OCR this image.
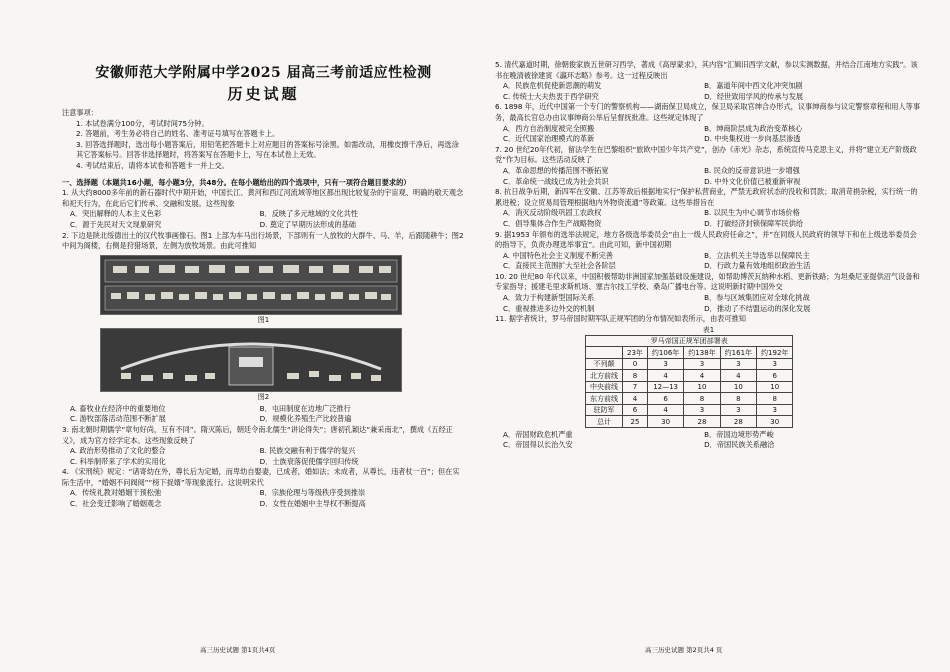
安徽师范大学附属中学2025 届高三考前适应性检测
历史试题

注意事项：

1. 本试卷满分100分，考试时间75分钟。

2. 答题前，考生务必将自己的姓名、准考证号填写在答题卡上。

3. 回答选择题时，选出每小题答案后，用铅笔把答题卡上对应题目的答案标号涂黑。如需改动，用橡皮擦干净后，再选涂其它答案标号。回答非选择题时，将答案写在答题卡上，写在本试卷上无效。

4. 考试结束后，请将本试卷和答题卡一并上交。

一、选择题（本题共16小题，每小题3分，共48分。在每小题给出的四个选项中，只有一项符合题目要求的）

1. 从大约8000多年前的新石器时代中期开始，中国长江、黄河和西辽河流域等地区都出现比较复杂的宇宙观、明确的敬天观念和祀天行为，在此后它们传承、交融和发展。这些现象

A．突出解释的人本主义色彩	B．反映了多元地域的文化共性
C．源于先民对天文现象研究	D. 奠定了早期历法形成的基础

2. 下边是陕北绥德出土的汉代牧事画像石。图1 上部为车马出行场景，下部则有一人放牧的大群牛、马、羊，后跟随耕牛；图2中间为阁楼，右侧是狩猎场景，左侧为放牧场景。由此可推知

图1
图2
A. 畜牧业在经济中的重要地位	B．屯田制度在边地广泛推行
C. 游牧部落活动范围不断扩展	D．规模化养殖生产比较普遍

3. 南北朝时期儒学“章句好尚，互有不同”。隋灭陈后，朝廷令南北儒生“讲论得失”；唐初孔颖达“兼采南北”，撰成《五经正义》，成为官方经学定本。这些现象反映了

A. 政治形势推动了文化的整合	B. 民族交融有利于儒学的复兴
C. 科举制带来了学术的实用化	D．士族衰落促使儒学回归传统

4. 《宋刑统》规定：“诸寄幼在外，尊长后为定婚，而卑幼自娶妻，已成者，婚如法；未成者，从尊长，违者杖一百”；但在实际生活中，“婚姻不问阀阅”“榜下捉婿”等现象流行。这说明宋代

A．传统礼教对婚姻干预松弛	B．宗族伦理与等级秩序受到推崇
C．社会变迁影响了婚姻观念	D．女性在婚姻中主导权不断提高
高三历史试题 第1页共4页

5. 清代嘉道时期，徐朝俊家族五世研习西学，著成《高厚蒙求》，其内容”汇辑旧西学文献，参以实测数据，并结合江南地方实践”。该书在晚清被徐建寅《瀛环志略》参考。这一过程反映出

A．民族危机促使新思潮的萌发	B．嘉道年间中西文化冲突加剧
C. 传统士大夫热衷于西学研究	D．经世致用学风的传承与发展

6. 1898 年，近代中国第一个专门的警察机构——湖南保卫局成立，保卫局采取官绅合办形式，议事绅商参与议定警察章程和用人等事务，最高长官总办由议事绅商公举后呈督抚批准。这些规定体现了

A．西方自治制度被完全照搬	B．绅商阶层成为政治变革核心
C．近代国家治理模式的革新	D. 中央集权进一步向基层渗透

7. 20 世纪20年代初，留法学生在巴黎组织“旅欧中国少年共产党”，创办《赤光》杂志，系统宣传马克思主义，并将”建立无产阶级政党”作为目标。这些活动反映了

A．革命思想的传播范围不断拓宽	B. 民众的反帝意识进一步增强
C．革命统一战线已成为社会共识	D. 中外文化价值已被重新审视

8. 抗日战争后期，新四军在安徽、江苏等敌后根据地实行”保护私营商业，严禁无政府状态的没收和罚款；取消苛捐杂税，实行统一的累进税；设立贸易局管理根据地内外物资流通”等政策。这些举措旨在

A．消灭反动阶级巩固工农政权	B. 以民生为中心调节市场价格
C．倡导集体合作生产战略物资	D．打破经济封锁保障军民供给

9. 据1953 年颁布的选举法规定，地方各级选举委员会”由上一级人民政府任命之”，并”在同级人民政府的领导下和在上级选举委员会的指导下，负责办理选举事宜”。由此可知，新中国初期

A. 中国特色社会主义制度不断完善	B．立法机关主导选举以保障民主
C．直接民主范围扩大至社会各阶层	D．行政力量有效地组织政治生活

10. 20 世纪80 年代以来，中国积极帮助非洲国家加强基础设施建设，如帮助博茨瓦纳种水稻、更新铁路；为坦桑尼亚提供沼气设备和专家指导；援建毛里求斯机场、塞吉尔技工学校、桑岛广播电台等。这说明新时期中国外交

A．致力于构建新型国际关系	B．参与区域集团应对全球化挑战
C．重视推进多边外交的机制	D．推动了不结盟运动的深化发展

11. 据学者统计，罗马帝国时期军队正规军团的分布情况如表所示，由表可推知

表1

罗马帝国正规军团部署表					
	23年	约106年	约138年	约161年	约192年
不列颠	0	3	3	3	3
北方前线	8	4	4	4	6
中央前线	7	12—13	10	10	10
东方前线	4	6	8	8	8
驻防军	6	4	3	3	3
总计	25	30	28	28	30
A．帝国财政危机严重	B．帝国边境形势严峻
C．帝国得以长治久安	D．帝国民族关系融洽
高三历史试题 第2页共4 页
